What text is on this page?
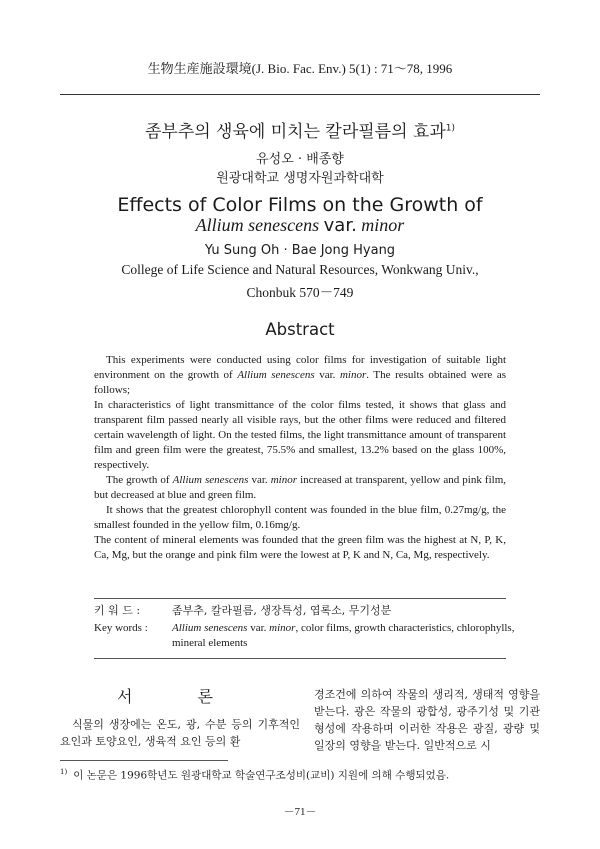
生物生産施設環境(J. Bio. Fac. Env.) 5(1) : 71～78, 1996
좀부추의 생육에 미치는 칼라필름의 효과$^{1)}$
유성오 · 배종향
원광대학교 생명자원과학대학
Effects of Color Films on the Growth of
Allium senescens var. minor
Yu Sung Oh · Bae Jong Hyang
College of Life Science and Natural Resources, Wonkwang Univ.,
Chonbuk 570－749
Abstract

This experiments were conducted using color films for investigation of suitable light environment on the growth of Allium senescens var. minor. The results obtained were as follows;

In characteristics of light transmittance of the color films tested, it shows that glass and transparent film passed nearly all visible rays, but the other films were reduced and filtered certain wavelength of light. On the tested films, the light transmittance amount of transparent film and green film were the greatest, 75.5% and smallest, 13.2% based on the glass 100%, respectively.

The growth of Allium senescens var. minor increased at transparent, yellow and pink film, but decreased at blue and green film.

It shows that the greatest chlorophyll content was founded in the blue film, 0.27mg/g, the smallest founded in the yellow film, 0.16mg/g.

The content of mineral elements was founded that the green film was the highest at N, P, K, Ca, Mg, but the orange and pink film were the lowest at P, K and N, Ca, Mg, respectively.

키 워 드 :	좀부추, 칼라필름, 생장특성, 엽록소, 무기성분
Key words : Allium senescens var. minor, color films, growth characteristics, chlorophylls, mineral elements
서 론

식물의 생장에는 온도, 광, 수분 등의 기후적인 요인과 토양요인, 생육적 요인 등의 환

경조건에 의하여 작물의 생리적, 생태적 영향을 받는다. 광은 작물의 광합성, 광주기성 및 기관형성에 작용하며 이러한 작용은 광질, 광량 및 일장의 영향을 받는다. 일반적으로 시

$^{1)}$ 이 논문은 1996학년도 원광대학교 학술연구조성비(교비) 지원에 의해 수행되었음.
－71－
